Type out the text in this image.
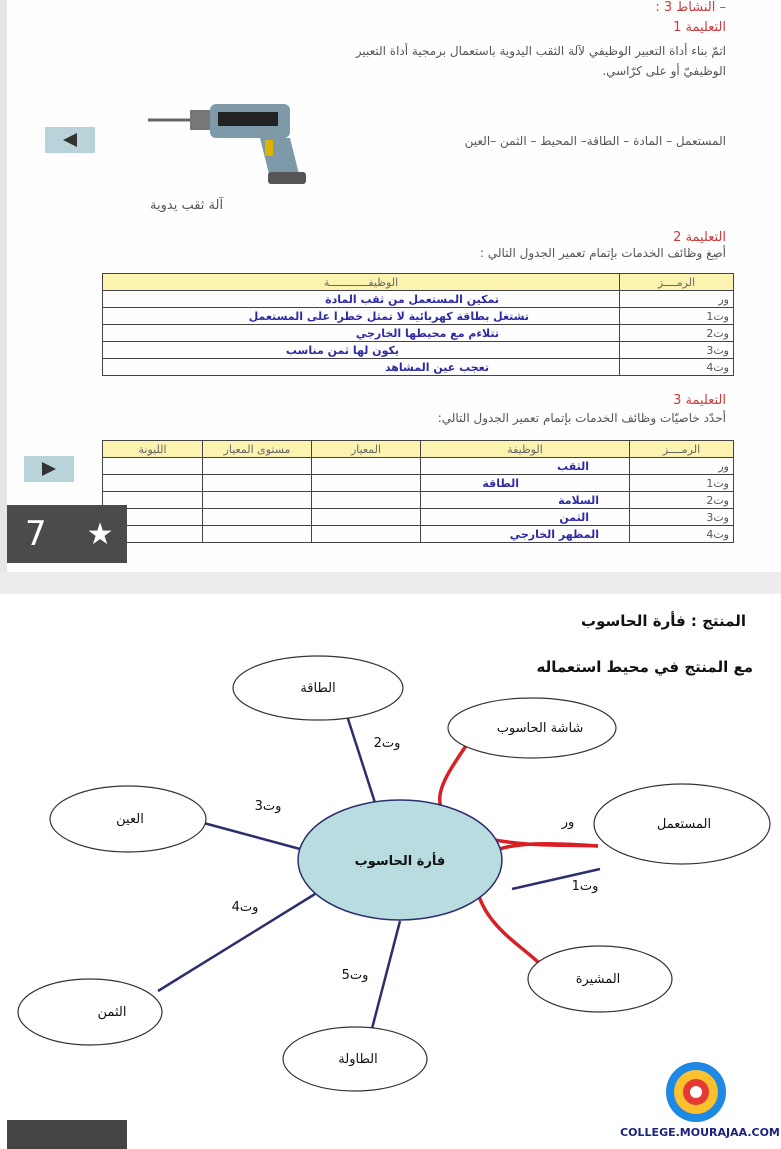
– النشاط 3 :
التعليمة 1
اتمّ بناء أداة التعبير الوظيفي لآلة الثقب اليدوية باستعمال برمجية أداة التعبير
الوظيفيّ أو على كرّاسي.
آلة ثقب يدوية
المستعمل – المادة – الطاقة– المحيط – الثمن –العين
التعليمة 2
أصِغ وظائف الخدمات بإتمام تعمير الجدول التالي :
الرمــــز	الوظيفــــــــــــة
ور	تمكين المستعمل من ثقب المادة
وت1	تشتغل بطاقة كهربائية لا تمثل خطرا على المستعمل
وت2	تتلاءم مع محيطها الخارجي
وت3	يكون لها ثمن مناسب
وت4	تعجب عين المشاهد
التعليمة 3
أحدّد خاصيّات وظائف الخدمات بإتمام تعمير الجدول التالي:
الرمــــز	الوظيفة	المعيار	مستوى المعيار	الليونة
ور	الثقب			
وت1	الطاقة			
وت2	السلامة			
وت3	الثمن			
وت4	المظهر الخارجي			
7 ★
المنتج : فأرة الحاسوب
مع المنتج في محيط استعماله
فأرة الحاسوب
الطاقة
شاشة الحاسوب
العين	المستعمل
الثمن
المشيرة
الطاولة
ور
وت1
وت2
وت3
وت4
وت5
COLLEGE.MOURAJAA.COM
